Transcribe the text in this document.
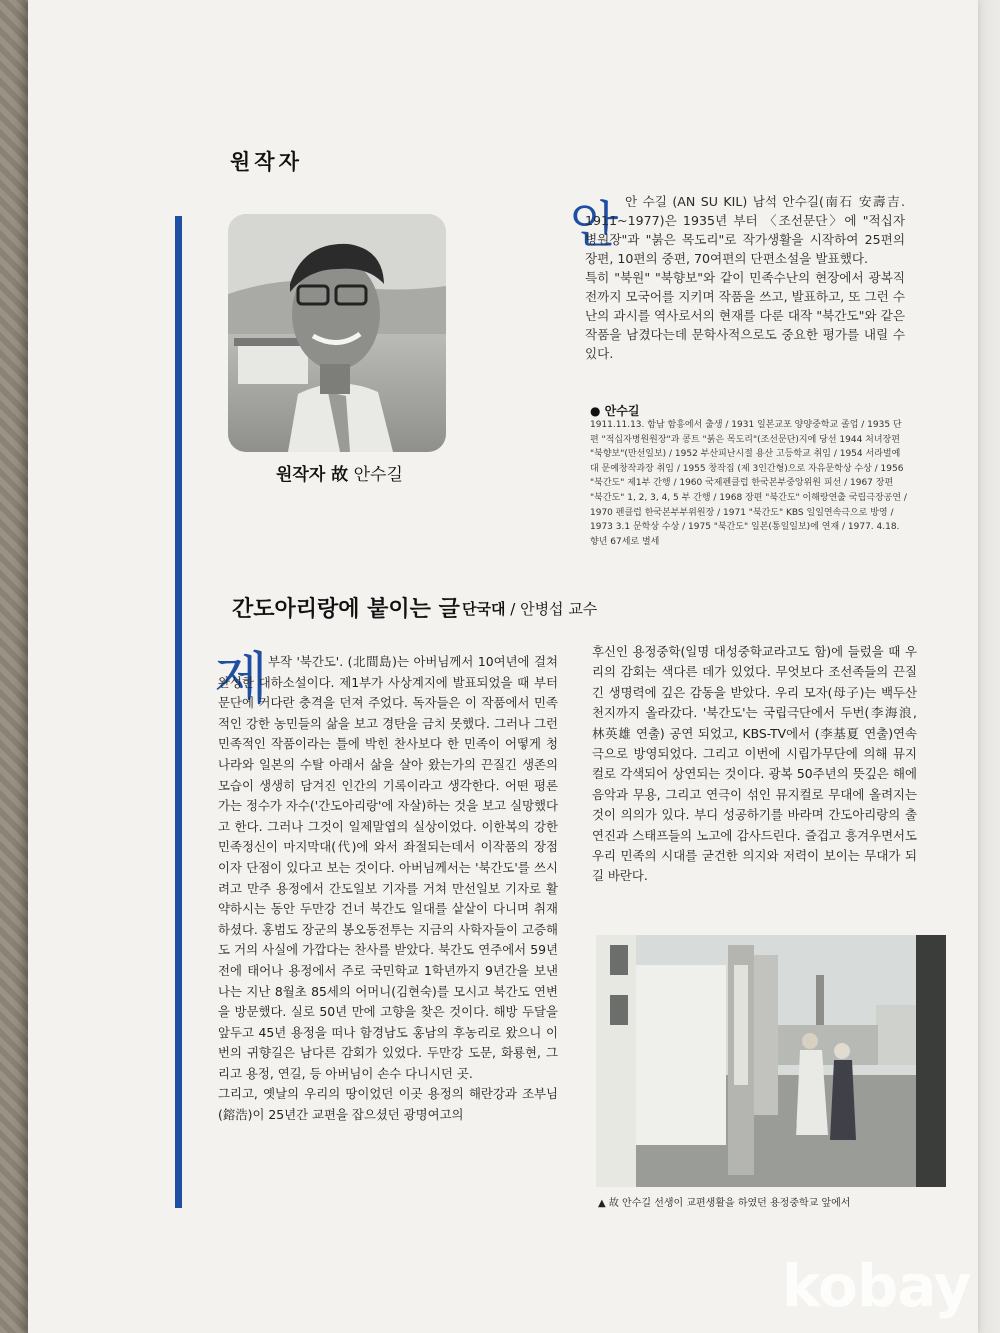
원작자
원작자 故 안수길
안 안 수길 (AN SU KIL) 남석 안수길(南石 安壽吉. 1911~1977)은 1935년 부터 〈조선문단〉에 "적십자 병원장"과 "붉은 목도리"로 작가생활을 시작하여 25편의 장편, 10편의 중편, 70여편의 단편소설을 발표했다.

특히 "북원" "북향보"와 같이 민족수난의 현장에서 광복직전까지 모국어를 지키며 작품을 쓰고, 발표하고, 또 그런 수난의 과시를 역사로서의 현재를 다룬 대작 "북간도"와 같은 작품을 남겼다는데 문학사적으로도 중요한 평가를 내릴 수 있다.

● 안수길
1911.11.13. 함남 함흥에서 출생 / 1931 일본교포 양양중학교 졸업 / 1935 단편 "적십자병원원장"과 콩트 "붉은 목도리"(조선문단)지에 당선 1944 처녀장편 "북향보"(만선일보) / 1952 부산피난시절 용산 고등학교 취임 / 1954 서라벌예대 문예창작과장 취임 / 1955 창작집 (제 3인간형)으로 자유문학상 수상 / 1956 "북간도" 제1부 간행 / 1960 국제펜클럽 한국본부중앙위원 피선 / 1967 장편 "북간도" 1, 2, 3, 4, 5 부 간행 / 1968 장편 "북간도" 이해랑연출 국립극장공연 / 1970 펜클럽 한국본부부위원장 / 1971 "북간도" KBS 일일연속극으로 방영 / 1973 3.1 문학상 수상 / 1975 "북간도" 일본(통일일보)에 연재 / 1977. 4.18. 향년 67세로 별세
간도아리랑에 붙이는 글 단국대 / 안병섭 교수
제 부작 '북간도'. (北間島)는 아버님께서 10여년에 걸쳐 완성한 대하소설이다. 제1부가 사상계지에 발표되었을 때 부터 문단에 커다란 충격을 던져 주었다. 독자들은 이 작품에서 민족적인 강한 농민들의 삶을 보고 경탄을 금치 못했다. 그러나 그런 민족적인 작품이라는 틀에 박힌 찬사보다 한 민족이 어떻게 청나라와 일본의 수탈 아래서 삶을 살아 왔는가의 끈질긴 생존의 모습이 생생히 담겨진 인간의 기록이라고 생각한다. 어떤 평론가는 정수가 자수('간도아리랑'에 자살)하는 것을 보고 실망했다고 한다. 그러나 그것이 일제말엽의 실상이었다. 이한복의 강한 민족정신이 마지막대(代)에 와서 좌절되는데서 이작품의 장점이자 단점이 있다고 보는 것이다. 아버님께서는 '북간도'를 쓰시려고 만주 용정에서 간도일보 기자를 거쳐 만선일보 기자로 활약하시는 동안 두만강 건너 북간도 일대를 샅샅이 다니며 취재하셨다. 홍범도 장군의 봉오동전투는 지금의 사학자들이 고증해도 거의 사실에 가깝다는 찬사를 받았다. 북간도 연주에서 59년전에 태어나 용정에서 주로 국민학교 1학년까지 9년간을 보낸 나는 지난 8월초 85세의 어머니(김현숙)를 모시고 북간도 연변을 방문했다. 실로 50년 만에 고향을 찾은 것이다. 해방 두달을 앞두고 45년 용정을 떠나 함경남도 홍남의 후농리로 왔으니 이번의 귀향길은 남다른 감회가 있었다. 두만강 도문, 화룡현, 그리고 용정, 연길, 등 아버님이 손수 다니시던 곳.

그리고, 옛날의 우리의 땅이었던 이곳 용정의 해란강과 조부님(鎔浩)이 25년간 교편을 잡으셨던 광명여고의

후신인 용정중학(일명 대성중학교라고도 함)에 들렀을 때 우리의 감회는 색다른 데가 있었다. 무엇보다 조선족들의 끈질긴 생명력에 깊은 감동을 받았다. 우리 모자(母子)는 백두산 천지까지 올라갔다. '북간도'는 국립극단에서 두번(李海浪, 林英雄 연출) 공연 되었고, KBS-TV에서 (李基夏 연출)연속극으로 방영되었다. 그리고 이번에 시립가무단에 의해 뮤지컬로 각색되어 상연되는 것이다. 광복 50주년의 뜻깊은 해에 음악과 무용, 그리고 연극이 섞인 뮤지컬로 무대에 올려지는 것이 의의가 있다. 부디 성공하기를 바라며 간도아리랑의 출연진과 스태프들의 노고에 감사드린다. 즐겁고 흥겨우면서도 우리 민족의 시대를 굳건한 의지와 저력이 보이는 무대가 되길 바란다.

▲ 故 안수길 선생이 교편생활을 하였던 용정중학교 앞에서
kobay
